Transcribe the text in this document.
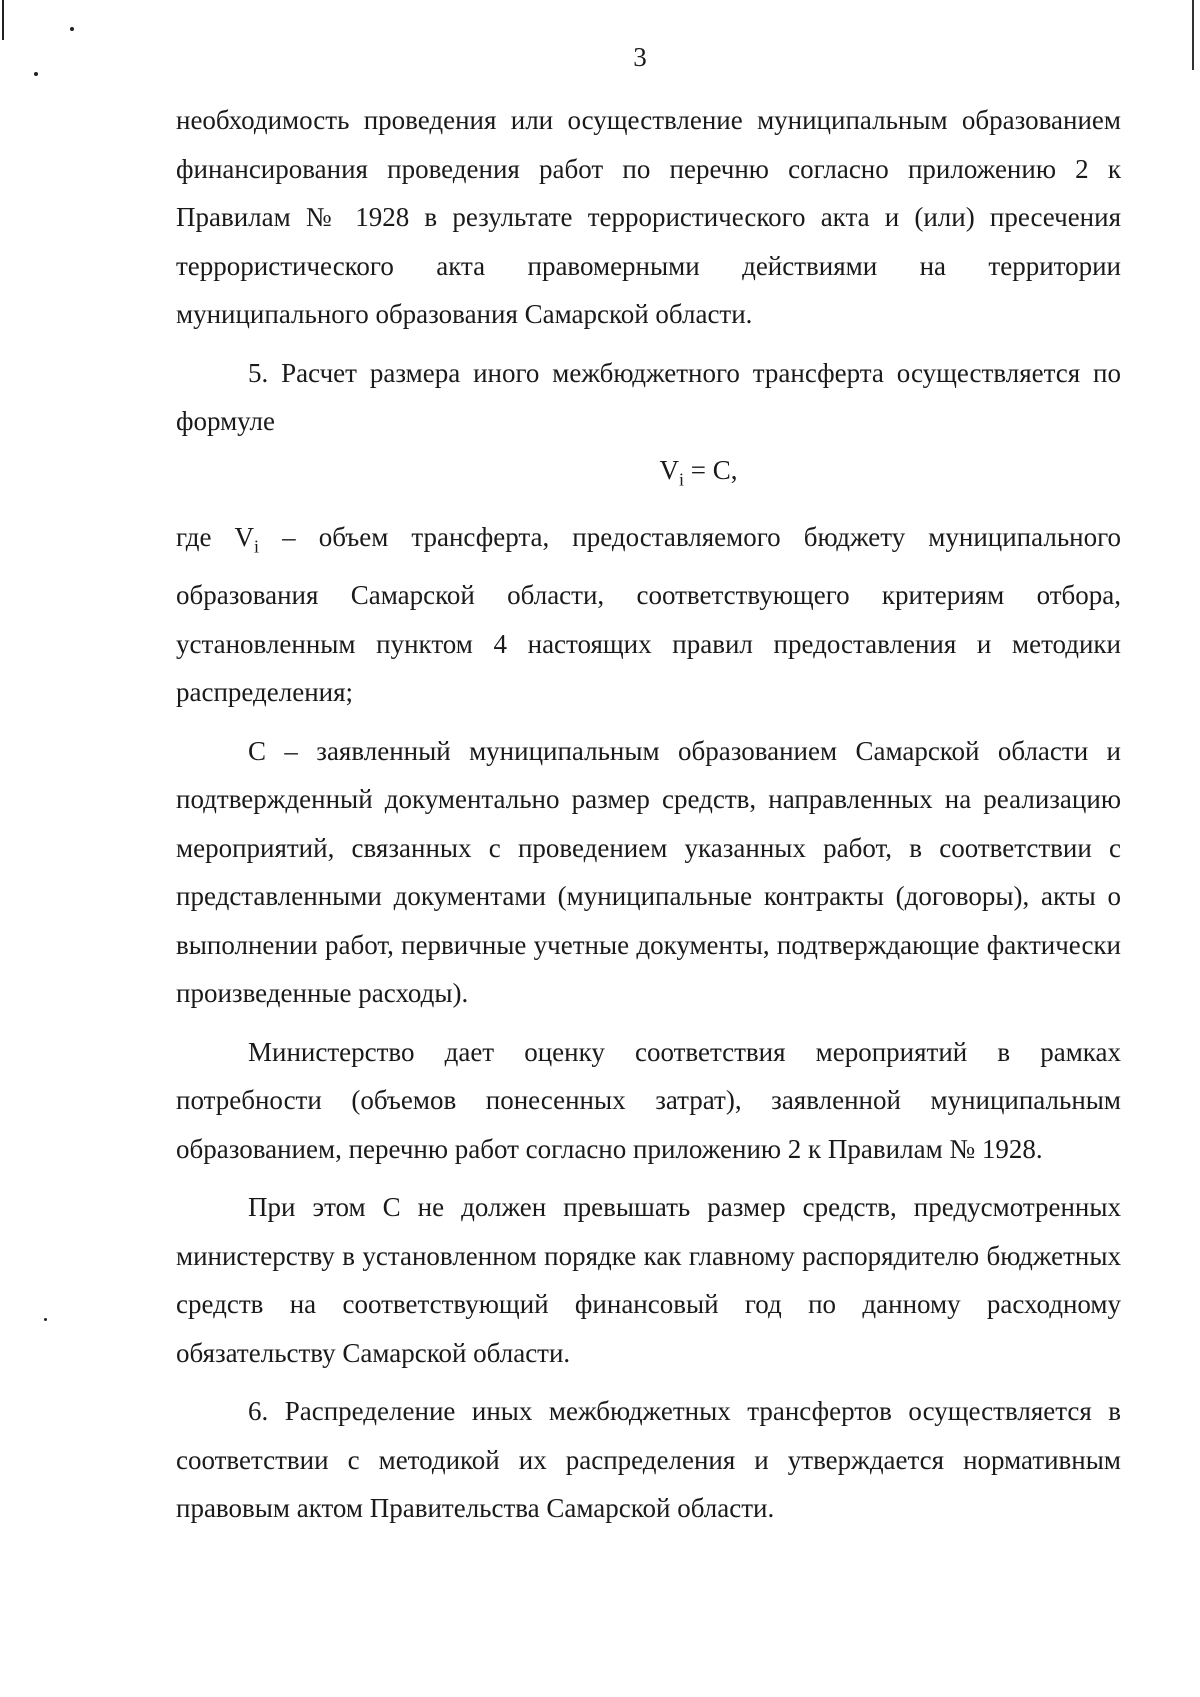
3

необходимость проведения или осуществление муниципальным образованием финансирования проведения работ по перечню согласно приложению 2 к Правилам № 1928 в результате террористического акта и (или) пресечения террористического акта правомерными действиями на территории муниципального образования Самарской области.

5. Расчет размера иного межбюджетного трансферта осуществляется по формуле

$V_i = C$,

где $V_i$ – объем трансферта, предоставляемого бюджету муниципального образования Самарской области, соответствующего критериям отбора, установленным пунктом 4 настоящих правил предоставления и методики распределения;

С – заявленный муниципальным образованием Самарской области и подтвержденный документально размер средств, направленных на реализацию мероприятий, связанных с проведением указанных работ, в соответствии с представленными документами (муниципальные контракты (договоры), акты о выполнении работ, первичные учетные документы, подтверждающие фактически произведенные расходы).

Министерство дает оценку соответствия мероприятий в рамках потребности (объемов понесенных затрат), заявленной муниципальным образованием, перечню работ согласно приложению 2 к Правилам № 1928.

При этом С не должен превышать размер средств, предусмотренных министерству в установленном порядке как главному распорядителю бюджетных средств на соответствующий финансовый год по данному расходному обязательству Самарской области.

6. Распределение иных межбюджетных трансфертов осуществляется в соответствии с методикой их распределения и утверждается нормативным правовым актом Правительства Самарской области.
